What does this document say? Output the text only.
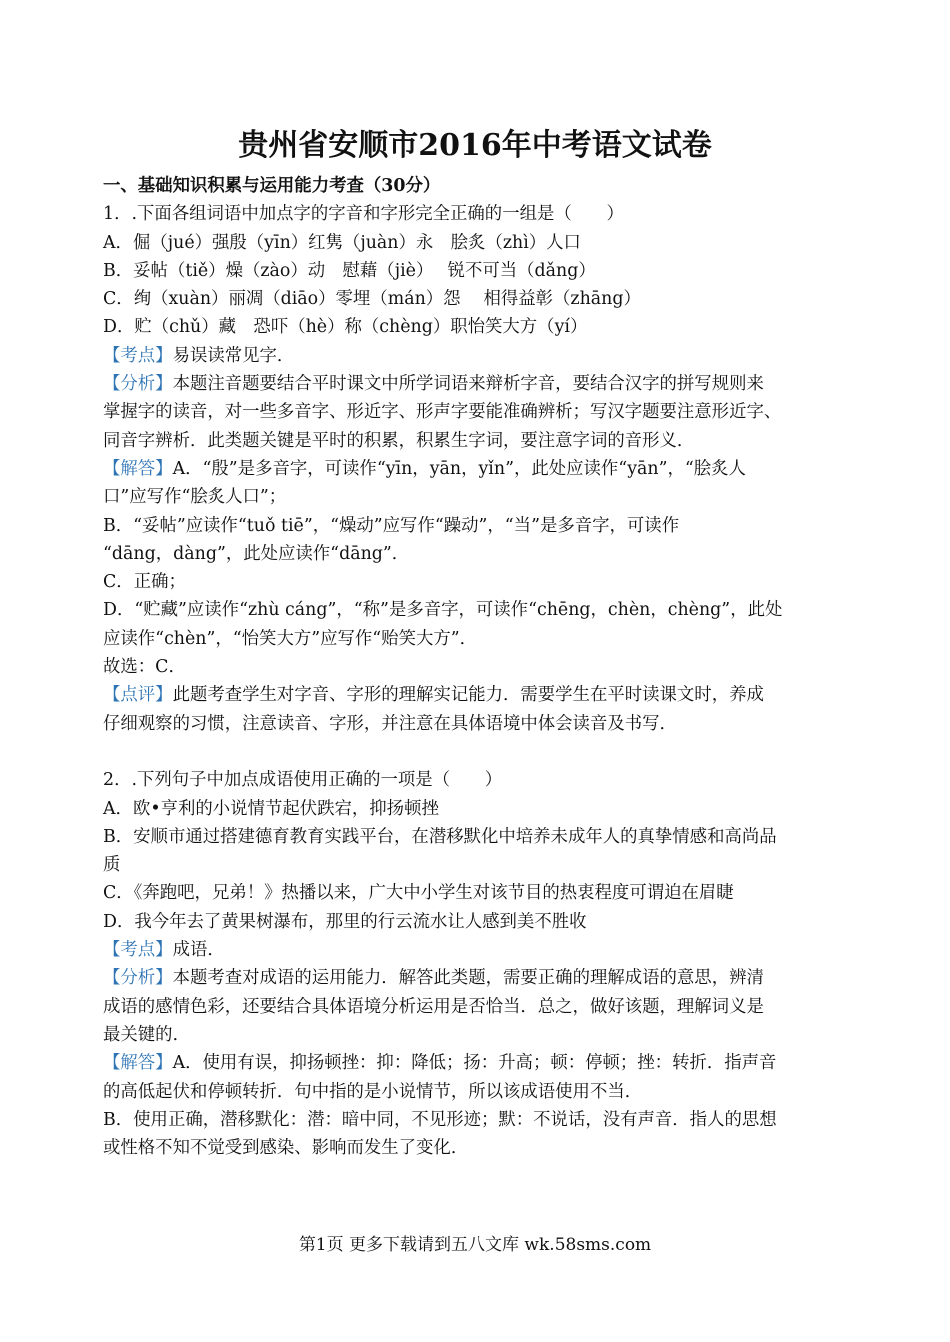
贵州省安顺市2016年中考语文试卷
一、基础知识积累与运用能力考查（30分）
1．.下面各组词语中加点字的字音和字形完全正确的一组是（　　）
A．倔（jué）强殷（yīn）红隽（juàn）永　脍炙（zhì）人口
B．妥帖（tiě）燥（zào）动　慰藉（jiè）　 锐不可当（dǎng）
C．绚（xuàn）丽凋（diāo）零埋（mán）怨　 相得益彰（zhāng）
D．贮（chǔ）藏　恐吓（hè）称（chèng）职怡笑大方（yí）
【考点】易误读常见字．
【分析】本题注音题要结合平时课文中所学词语来辩析字音，要结合汉字的拼写规则来
掌握字的读音，对一些多音字、形近字、形声字要能准确辨析；写汉字题要注意形近字、
同音字辨析．此类题关键是平时的积累，积累生字词，要注意字词的音形义．
【解答】A．“殷”是多音字，可读作“yīn，yān，yǐn”，此处应读作“yān”，“脍炙人
口”应写作“脍炙人口”；
B．“妥帖”应读作“tuǒ tiē”，“燥动”应写作“躁动”，“当”是多音字，可读作
“dāng，dàng”，此处应读作“dāng”．
C．正确；
D．“贮藏”应读作“zhù cáng”，“称”是多音字，可读作“chēng，chèn，chèng”，此处
应读作“chèn”，“怡笑大方”应写作“贻笑大方”．
故选：C．
【点评】此题考查学生对字音、字形的理解实记能力．需要学生在平时读课文时，养成
仔细观察的习惯，注意读音、字形，并注意在具体语境中体会读音及书写．
2．.下列句子中加点成语使用正确的一项是（　　）
A．欧•亨利的小说情节起伏跌宕，抑扬顿挫
B．安顺市通过搭建德育教育实践平台，在潜移默化中培养未成年人的真挚情感和高尚品
质
C．《奔跑吧，兄弟！》热播以来，广大中小学生对该节目的热衷程度可谓迫在眉睫
D．我今年去了黄果树瀑布，那里的行云流水让人感到美不胜收
【考点】成语．
【分析】本题考查对成语的运用能力．解答此类题，需要正确的理解成语的意思，辨清
成语的感情色彩，还要结合具体语境分析运用是否恰当．总之，做好该题，理解词义是
最关键的．
【解答】A．使用有误，抑扬顿挫：抑：降低；扬：升高；顿：停顿；挫：转折．指声音
的高低起伏和停顿转折．句中指的是小说情节，所以该成语使用不当．
B．使用正确，潜移默化：潜：暗中同，不见形迹；默：不说话，没有声音．指人的思想
或性格不知不觉受到感染、影响而发生了变化．
第1页 更多下载请到五八文库 wk.58sms.com
